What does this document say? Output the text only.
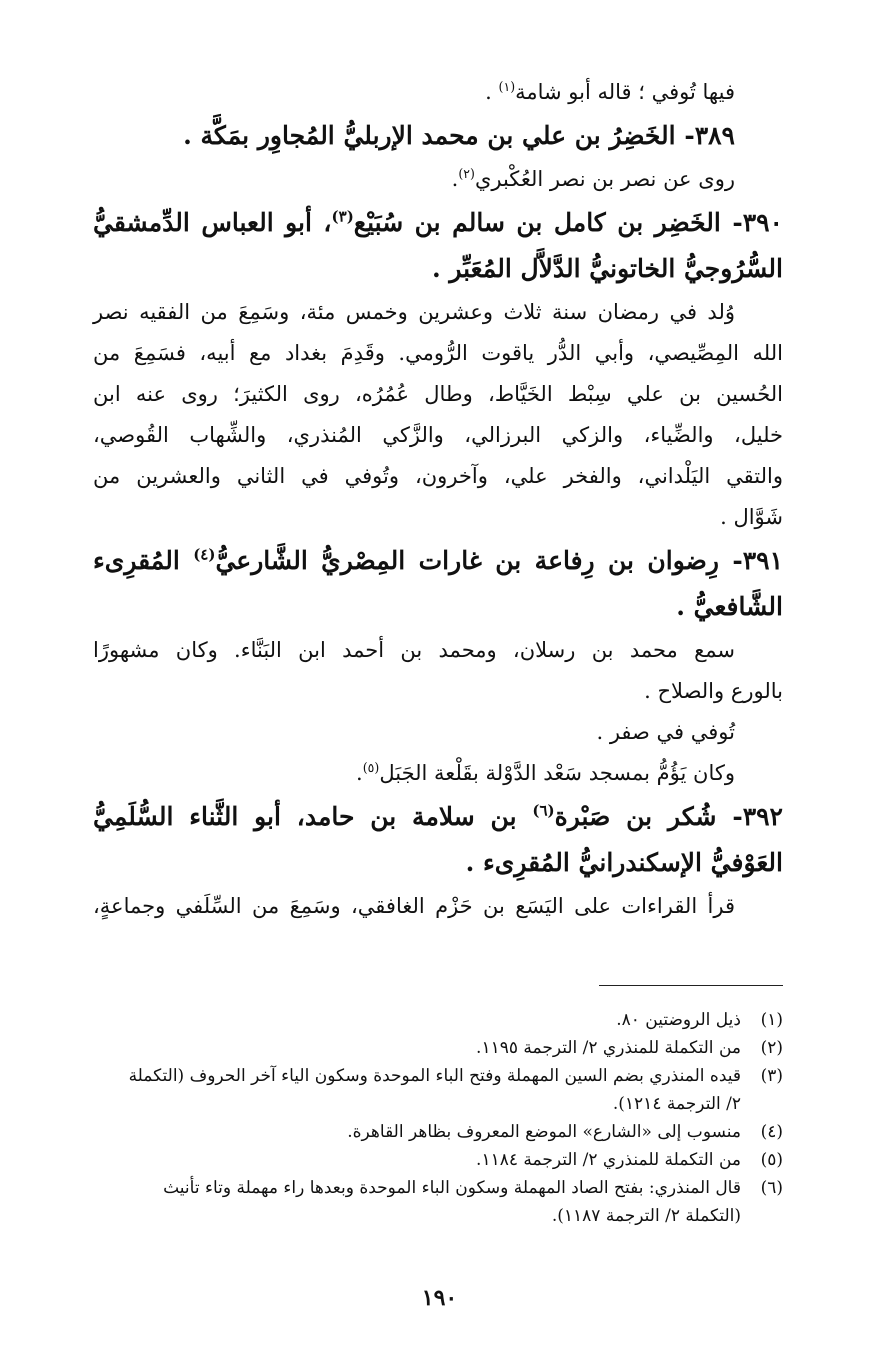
فيها تُوفي ؛ قاله أبو شامة$^{(١)}$ .
٣٨٩- الخَضِرُ بن علي بن محمد الإربليُّ المُجاوِر بمَكَّة .
روى عن نصر بن نصر العُكْبري$^{(٢)}$.
٣٩٠- الخَضِر بن كامل بن سالم بن سُبَيْع$^{(٣)}$، أبو العباس الدِّمشقيُّ
السُّرُوجيُّ الخاتونيُّ الدَّلاَّل المُعَبِّر .
وُلد في رمضان سنة ثلاث وعشرين وخمس مئة، وسَمِعَ من الفقيه نصر
الله المِصِّيصي، وأبي الدُّر ياقوت الرُّومي. وقَدِمَ بغداد مع أبيه، فسَمِعَ من
الحُسين بن علي سِبْط الخَيَّاط، وطال عُمُرُه، روى الكثيرَ؛ روى عنه ابن
خليل، والضِّياء، والزكي البرزالي، والزَّكي المُنذري، والشِّهاب القُوصي،
والتقي اليَلْداني، والفخر علي، وآخرون، وتُوفي في الثاني والعشرين من
شَوَّال .
٣٩١- رِضوان بن رِفاعة بن غارات المِصْريُّ الشَّارعيُّ$^{(٤)}$ المُقرِىء
الشَّافعيُّ .
سمع محمد بن رسلان، ومحمد بن أحمد ابن البَنَّاء. وكان مشهورًا
بالورع والصلاح .
تُوفي في صفر .
وكان يَؤُمُّ بمسجد سَعْد الدَّوْلة بقَلْعة الجَبَل$^{(٥)}$.
٣٩٢- شُكر بن صَبْرة$^{(٦)}$ بن سلامة بن حامد، أبو الثَّناء السُّلَمِيُّ
العَوْفيُّ الإسكندرانيُّ المُقرِىء .
قرأ القراءات على اليَسَع بن حَزْم الغافقي، وسَمِعَ من السِّلَفي وجماعةٍ،
(١)
ذيل الروضتين ٨٠.
(٢)
من التكملة للمنذري ٢/ الترجمة ١١٩٥.
(٣)
قيده المنذري بضم السين المهملة وفتح الباء الموحدة وسكون الياء آخر الحروف (التكملة
٢/ الترجمة ١٢١٤).
(٤)
منسوب إلى «الشارع» الموضع المعروف بظاهر القاهرة.
(٥)
من التكملة للمنذري ٢/ الترجمة ١١٨٤.
(٦)
قال المنذري: بفتح الصاد المهملة وسكون الباء الموحدة وبعدها راء مهملة وتاء تأنيث
(التكملة ٢/ الترجمة ١١٨٧).
١٩٠
